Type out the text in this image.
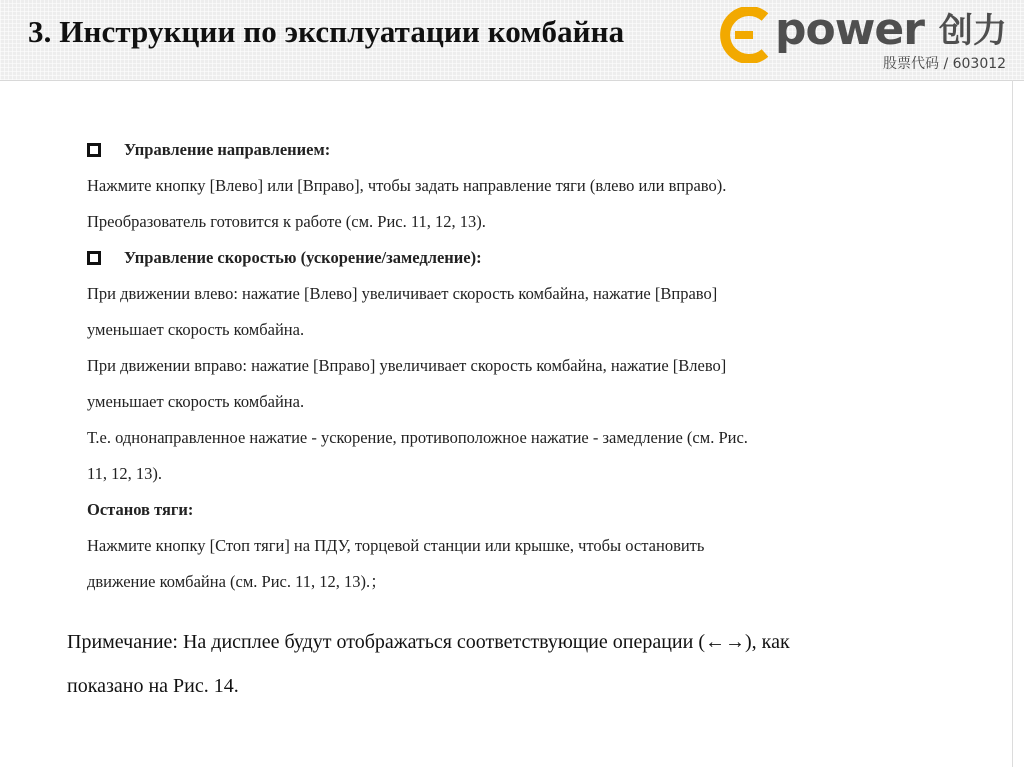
3. Инструкции по эксплуатации комбайна	power 创力
股票代码 / 603012
Управление направлением:
Нажмите кнопку [Влево] или [Вправо], чтобы задать направление тяги (влево или вправо).
Преобразователь готовится к работе (см. Рис. 11, 12, 13).
Управление скоростью (ускорение/замедление):
При движении влево: нажатие [Влево] увеличивает скорость комбайна, нажатие [Вправо]
уменьшает скорость комбайна.
При движении вправо: нажатие [Вправо] увеличивает скорость комбайна, нажатие [Влево]
уменьшает скорость комбайна.
Т.е. однонаправленное нажатие - ускорение, противоположное нажатие - замедление (см. Рис.
11, 12, 13).
Останов тяги:
Нажмите кнопку [Стоп тяги] на ПДУ, торцевой станции или крышке, чтобы остановить
движение комбайна (см. Рис. 11, 12, 13).；
Примечание: На дисплее будут отображаться соответствующие операции (←→), как
показано на Рис. 14.
